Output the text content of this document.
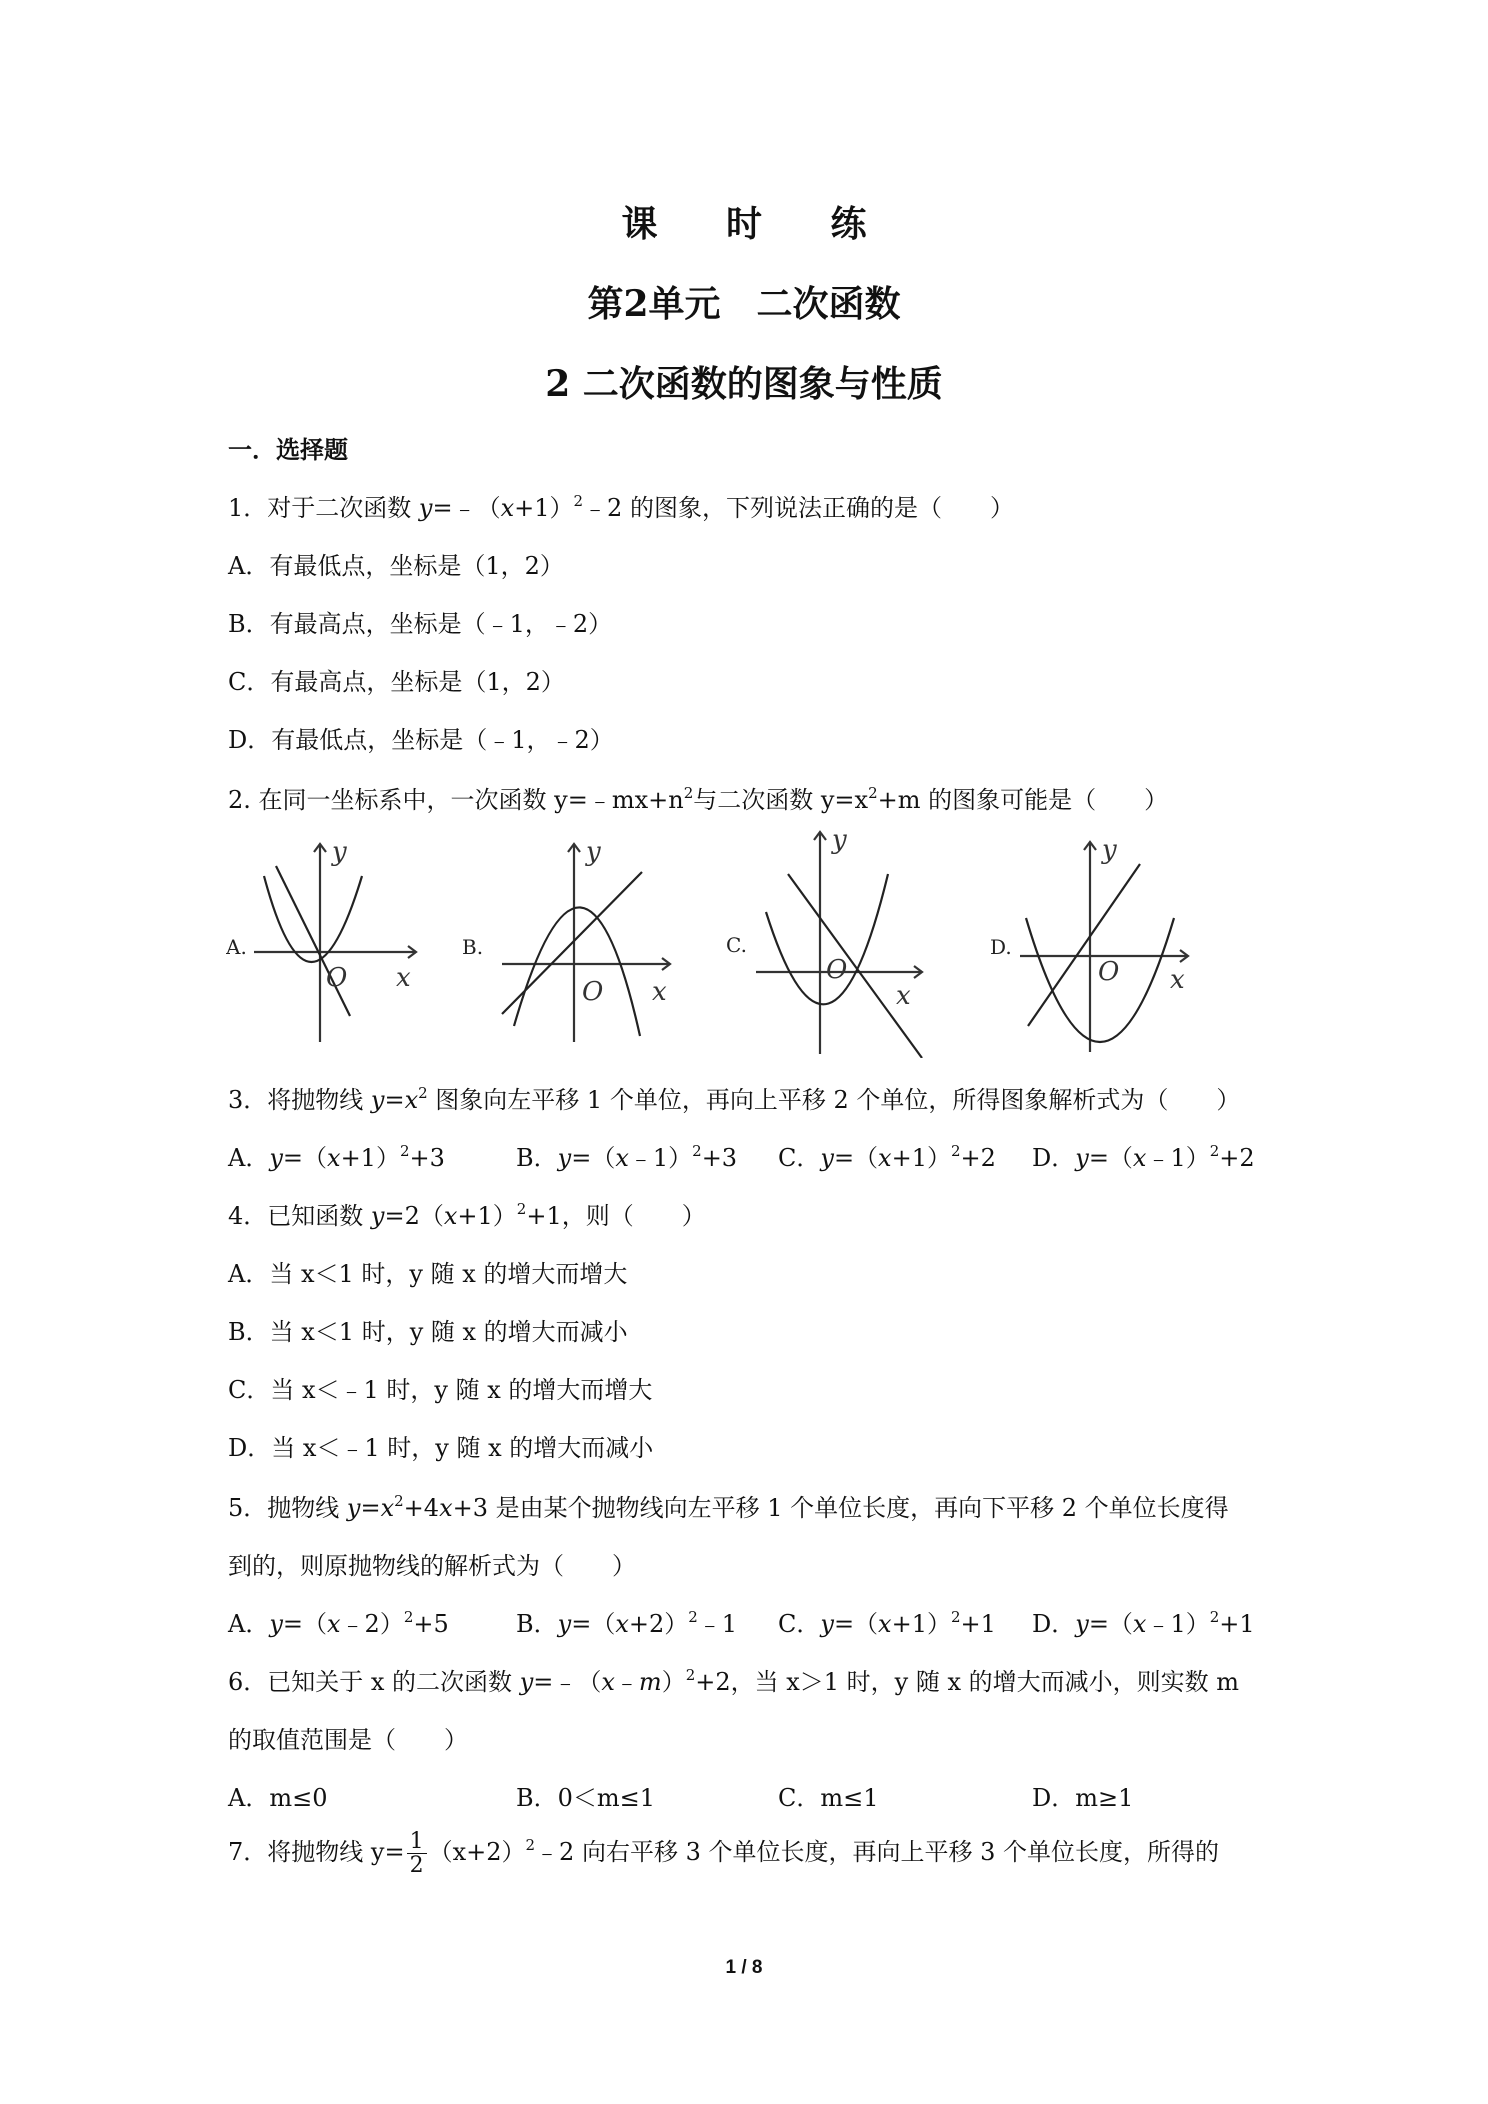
课 时 练
第2单元　二次函数
2 二次函数的图象与性质
一．选择题
1．对于二次函数 $y=﹣(x+1)^2﹣2$ 的图象，下列说法正确的是（　　）
A．有最低点，坐标是（1，2）
B．有最高点，坐标是（﹣1，﹣2）
C．有最高点，坐标是（1，2）
D．有最低点，坐标是（﹣1，﹣2）
2. 在同一坐标系中，一次函数 $y=﹣mx+n^2$与二次函数 $y=x^2+m$ 的图象可能是（　　）
A.
O x
y
B.
O x
y
C.
O
x
y
D.
O x
y
3．将抛物线 $y=x^2$ 图象向左平移 1 个单位，再向上平移 2 个单位，所得图象解析式为（　　）
A．$y=(x+1)^2+3$	B．y=（x﹣1）$^2$+3 C．$y=(x+1)^2+2$ D．y=（x﹣1）$^2$+2
4．已知函数 $y=2(x+1)^2+1$，则（　　）
A．当 x＜1 时，y 随 x 的增大而增大
B．当 x＜1 时，y 随 x 的增大而减小
C．当 x＜﹣1 时，y 随 x 的增大而增大
D．当 x＜﹣1 时，y 随 x 的增大而减小
5．抛物线 $y=x^2+4x+3$ 是由某个抛物线向左平移 1 个单位长度，再向下平移 2 个单位长度得
到的，则原抛物线的解析式为（　　）
A．y=（x﹣2）$^2$+5	B．$y=(x+2)^2﹣1$ C．$y=(x+1)^2+1$ D．y=（x﹣1）$^2$+1
6．已知关于 x 的二次函数 y=﹣（x﹣m）$^2$+2，当 x＞1 时，y 随 x 的增大而减小，则实数 m
的取值范围是（　　）
A．m≤0	B．0＜m≤1	C．m≤1	D．m≥1
7．将抛物线 $y= \frac{1}{2}$ $(x+2)^2﹣2$ 向右平移 3 个单位长度，再向上平移 3 个单位长度，所得的
1 / 8
